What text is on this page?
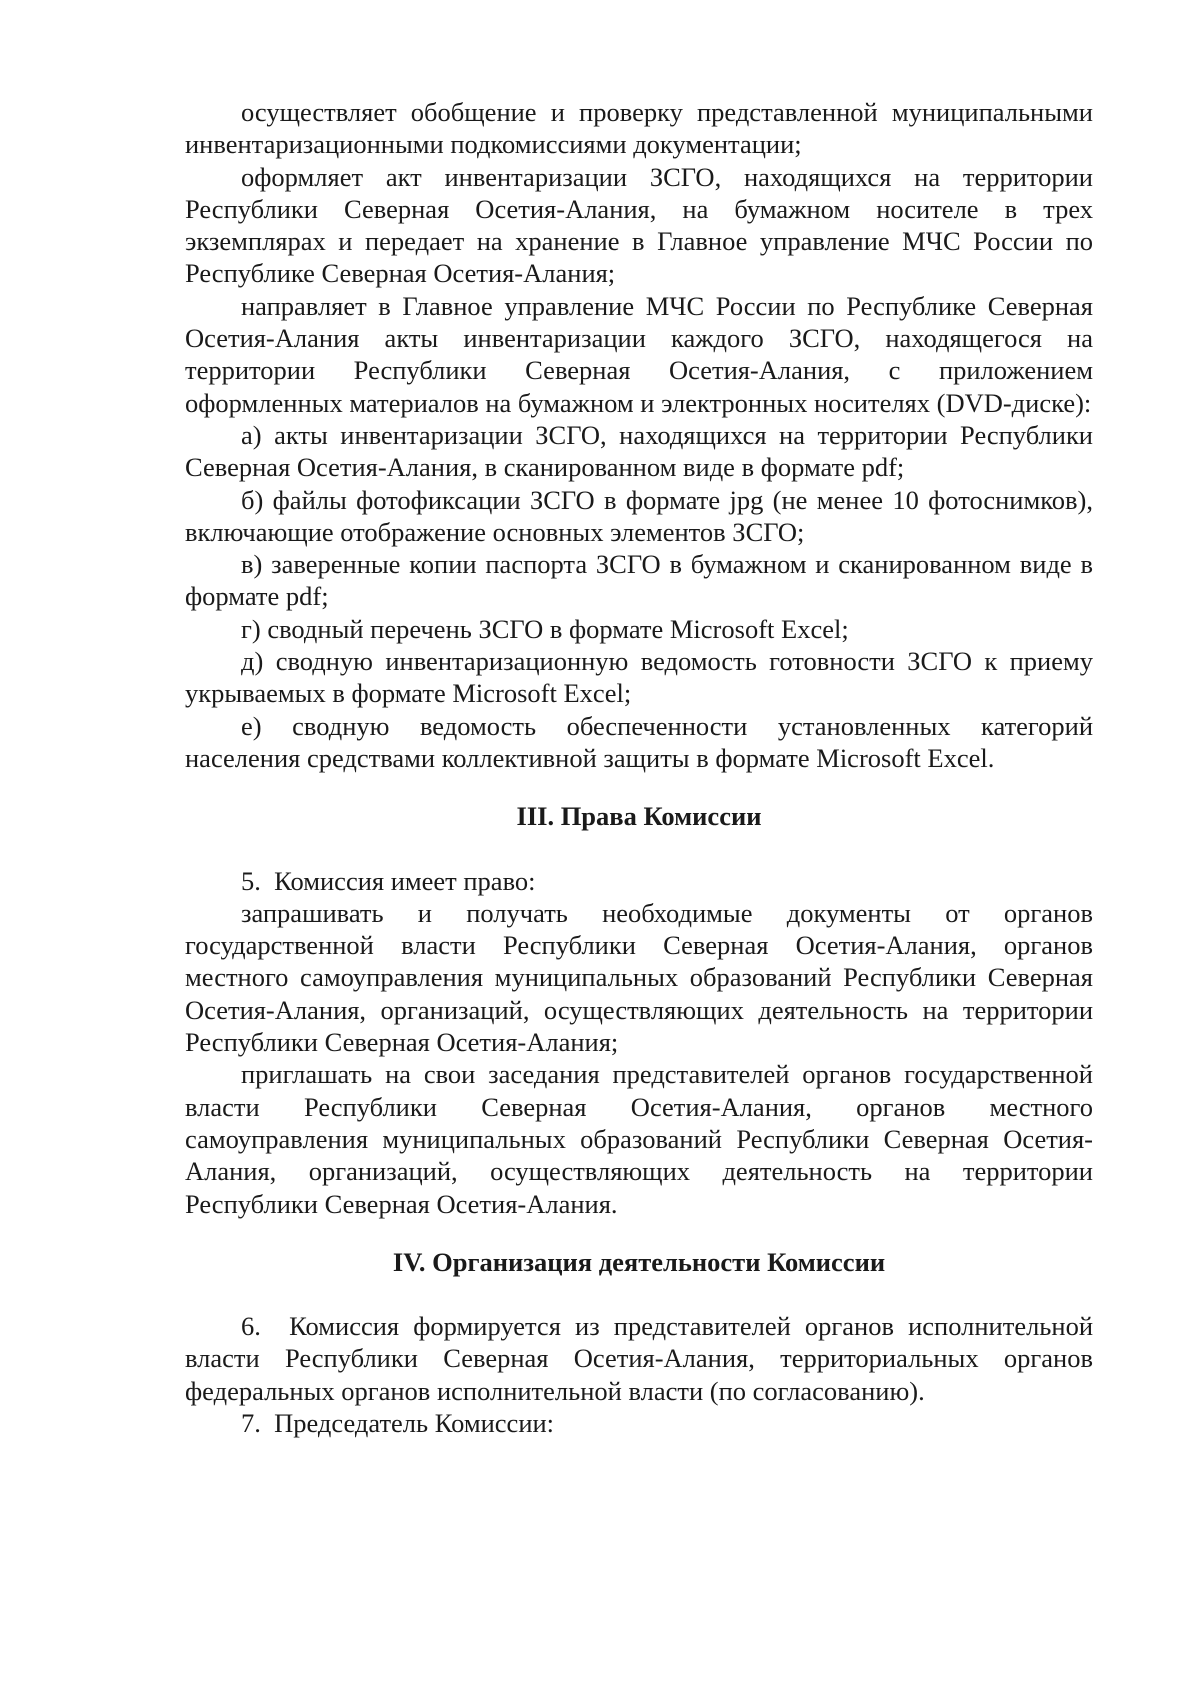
осуществляет обобщение и проверку представленной муниципальными инвентаризационными подкомиссиями документации;

оформляет акт инвентаризации ЗСГО, находящихся на территории Республики Северная Осетия-Алания, на бумажном носителе в трех экземплярах и передает на хранение в Главное управление МЧС России по Республике Северная Осетия-Алания;

направляет в Главное управление МЧС России по Республике Северная Осетия-Алания акты инвентаризации каждого ЗСГО, находящегося на территории Республики Северная Осетия-Алания, с приложением оформленных материалов на бумажном и электронных носителях (DVD-диске):

а) акты инвентаризации ЗСГО, находящихся на территории Республики Северная Осетия-Алания, в сканированном виде в формате pdf;

б) файлы фотофиксации ЗСГО в формате jpg (не менее 10 фотоснимков), включающие отображение основных элементов ЗСГО;

в) заверенные копии паспорта ЗСГО в бумажном и сканированном виде в формате pdf;

г) сводный перечень ЗСГО в формате Microsoft Excel;

д) сводную инвентаризационную ведомость готовности ЗСГО к приему укрываемых в формате Microsoft Excel;

е) сводную ведомость обеспеченности установленных категорий населения средствами коллективной защиты в формате Microsoft Excel.

III. Права Комиссии

5. Комиссия имеет право:

запрашивать и получать необходимые документы от органов государственной власти Республики Северная Осетия-Алания, органов местного самоуправления муниципальных образований Республики Северная Осетия-Алания, организаций, осуществляющих деятельность на территории Республики Северная Осетия-Алания;

приглашать на свои заседания представителей органов государственной власти Республики Северная Осетия-Алания, органов местного самоуправления муниципальных образований Республики Северная Осетия-Алания, организаций, осуществляющих деятельность на территории Республики Северная Осетия-Алания.

IV. Организация деятельности Комиссии

6. Комиссия формируется из представителей органов исполнительной власти Республики Северная Осетия-Алания, территориальных органов федеральных органов исполнительной власти (по согласованию).

7. Председатель Комиссии:
